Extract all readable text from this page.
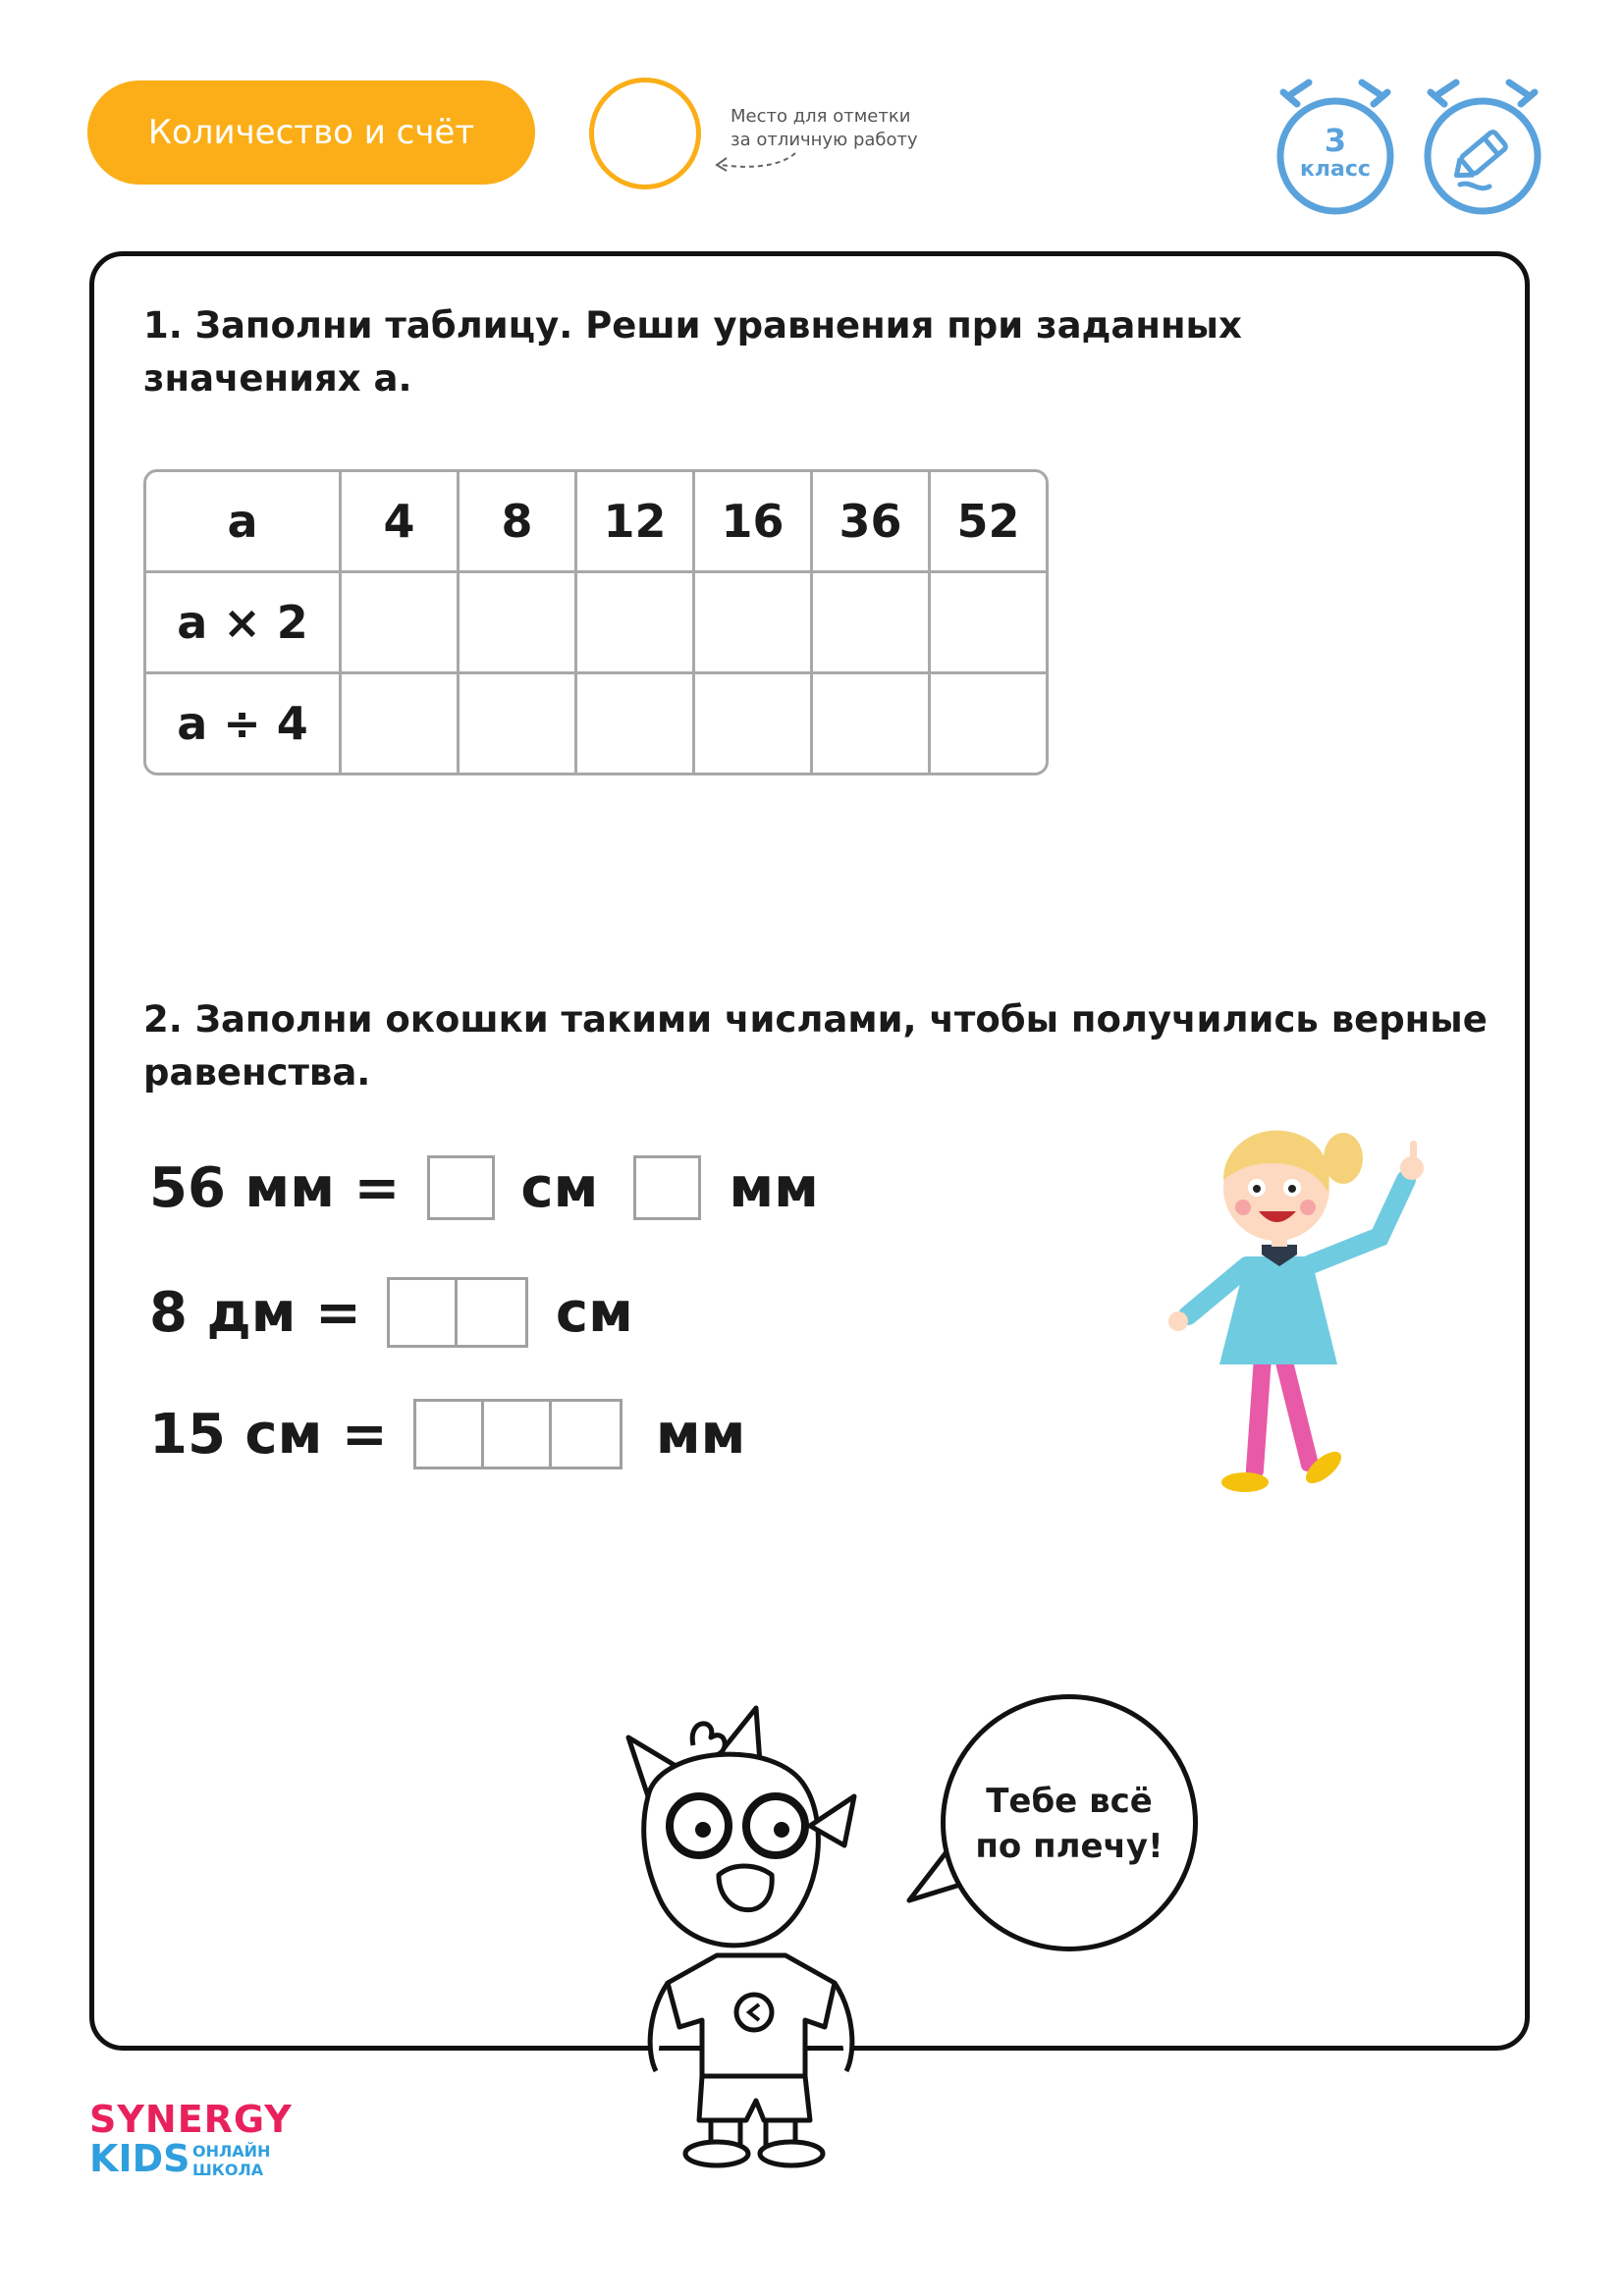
Количество и счёт	Место для отметки
за отличную работу	3
класс
1. Заполни таблицу. Реши уравнения при заданных
значениях а.
а	4	8	12	16	36	52
а × 2						
а ÷ 4						
2. Заполни окошки такими числами, чтобы получились верные
равенства.
56 мм = см мм
8 дм =	см
15 см =	мм
Тебе всё
по плечу!
SYNERGY
KIDS ОНЛАЙН
ШКОЛА
